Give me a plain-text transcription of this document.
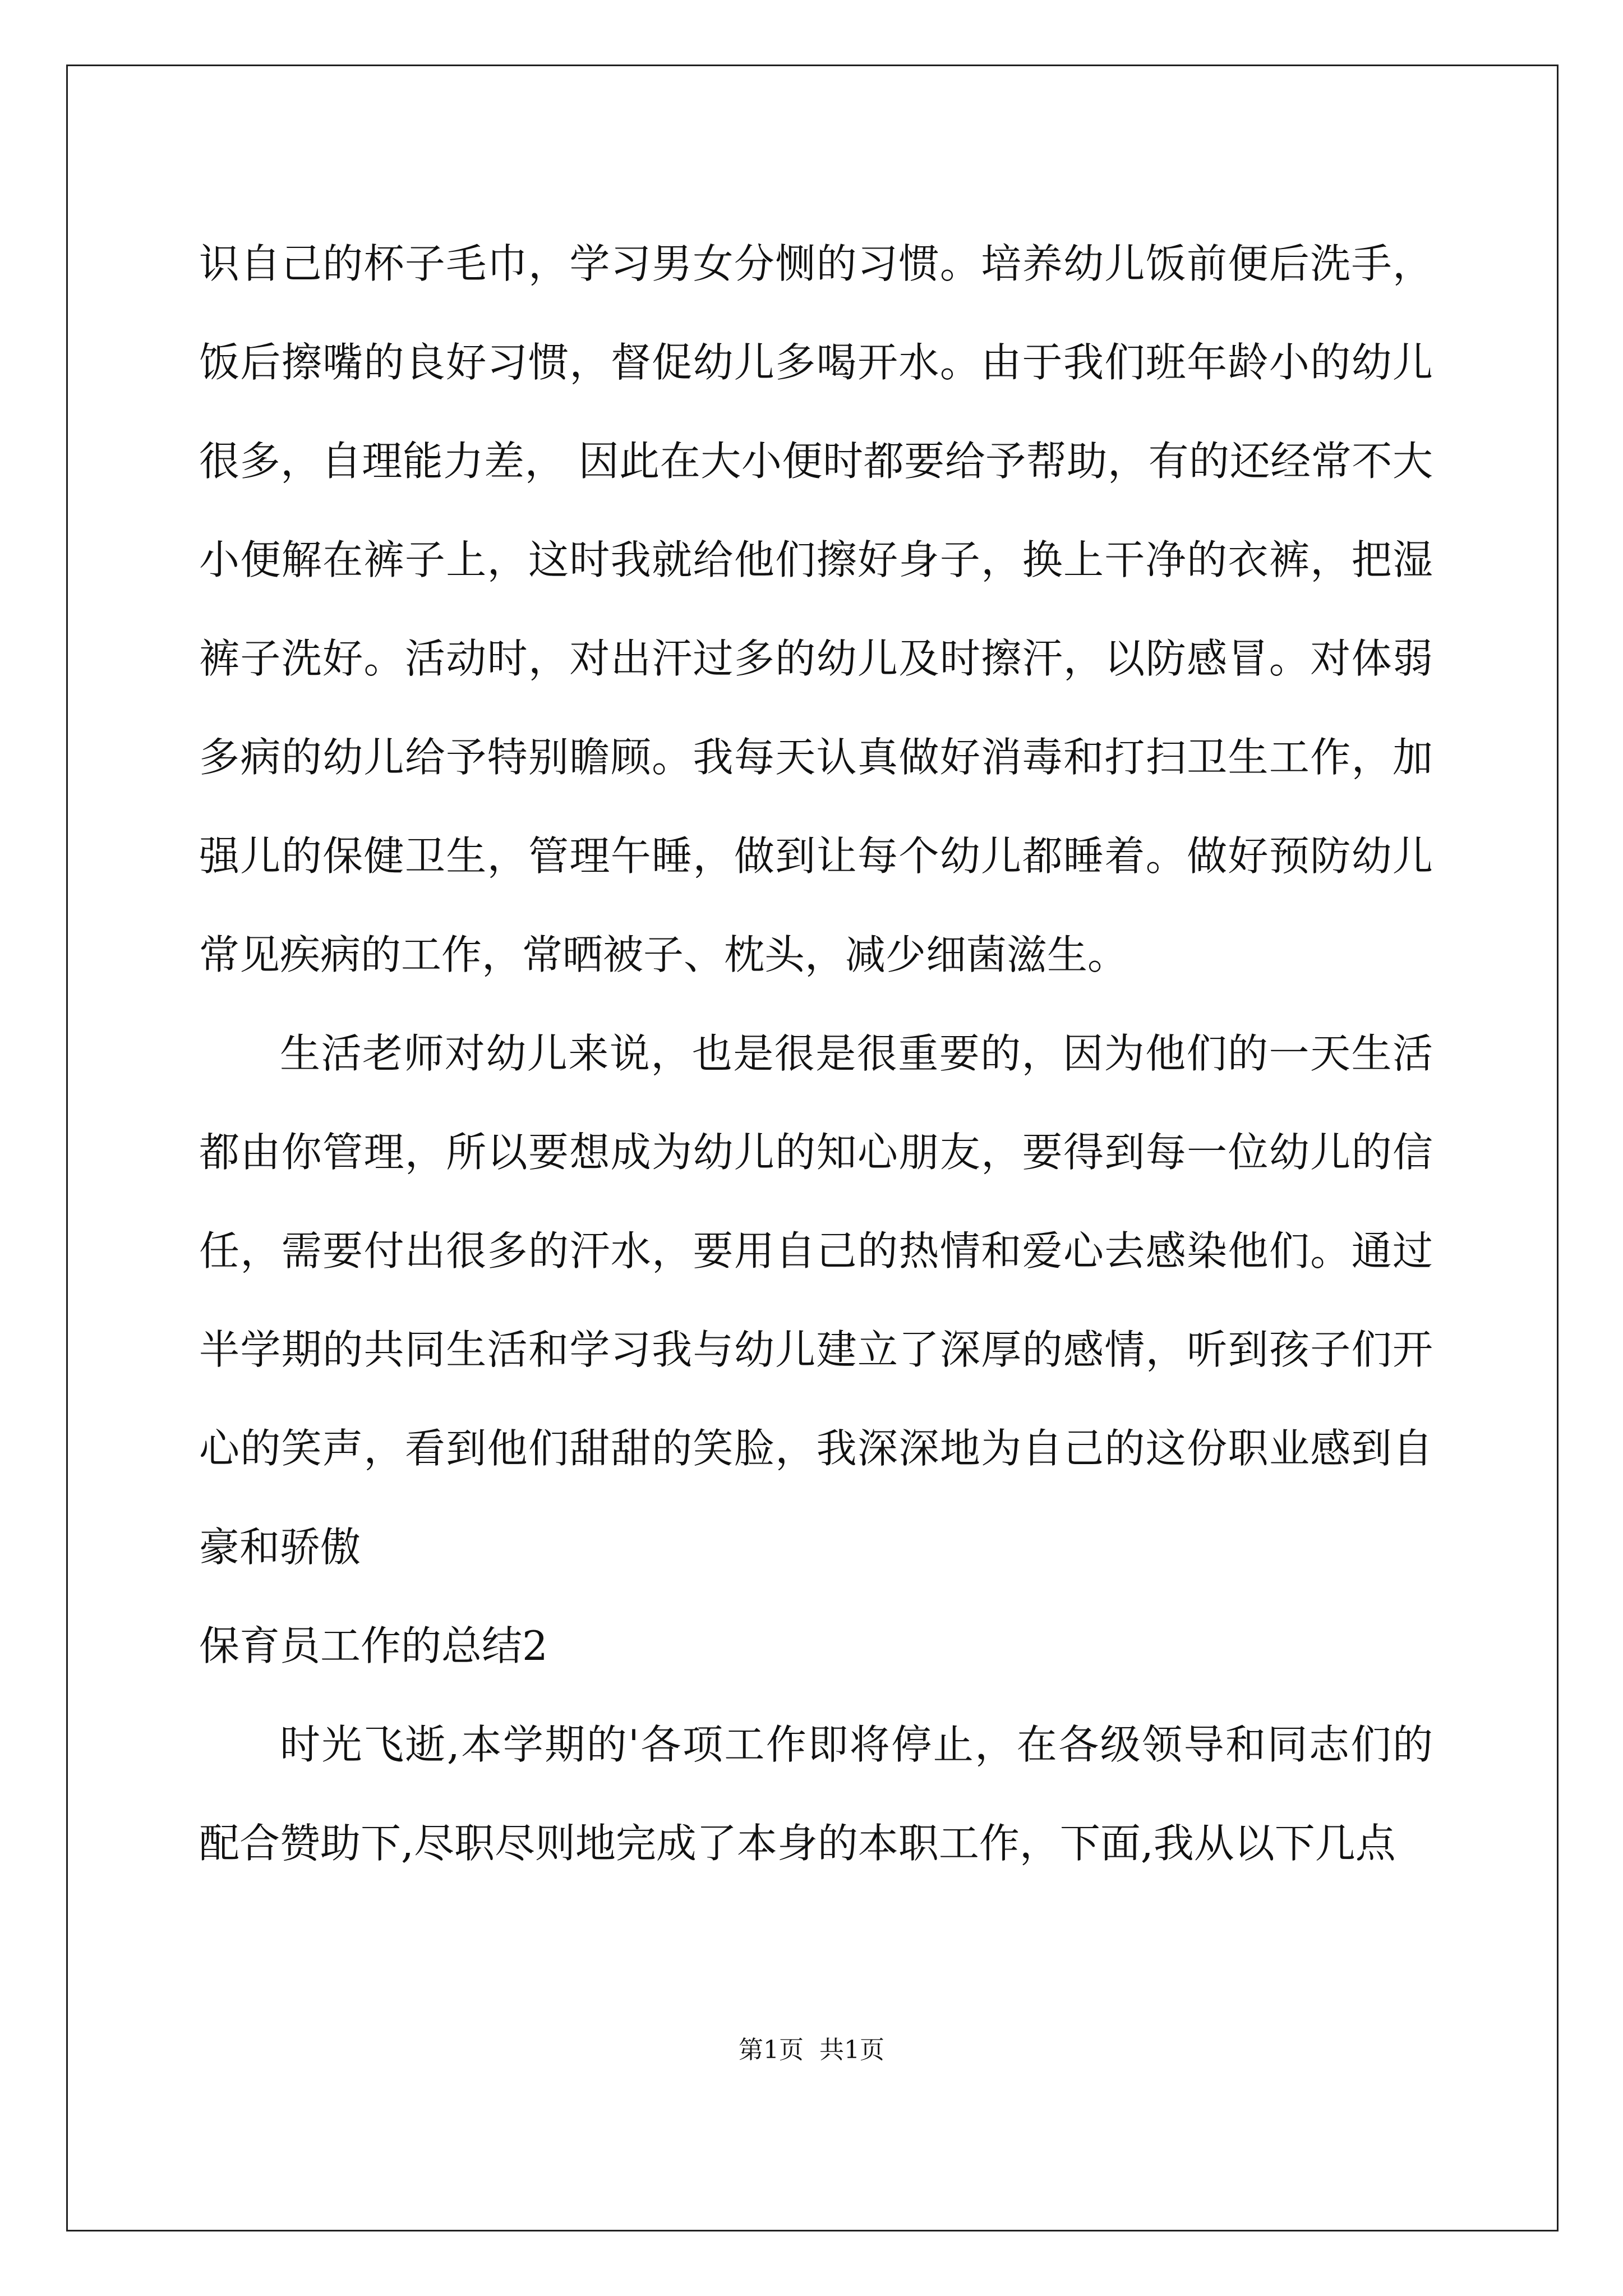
识自己的杯子毛巾，学习男女分恻的习惯。培养幼儿饭前便后洗手，饭后擦嘴的良好习惯，督促幼儿多喝开水。由于我们班年龄小的幼儿很多，自理能力差， 因此在大小便时都要给予帮助，有的还经常不大小便解在裤子上，这时我就给他们擦好身子，换上干净的衣裤，把湿裤子洗好。活动时，对出汗过多的幼儿及时擦汗，以防感冒。对体弱多病的幼儿给予特别瞻顾。我每天认真做好消毒和打扫卫生工作，加强儿的保健卫生，管理午睡，做到让每个幼儿都睡着。做好预防幼儿常见疾病的工作，常晒被子、枕头，减少细菌滋生。

生活老师对幼儿来说，也是很是很重要的，因为他们的一天生活都由你管理，所以要想成为幼儿的知心朋友，要得到每一位幼儿的信任，需要付出很多的汗水，要用自己的热情和爱心去感染他们。通过半学期的共同生活和学习我与幼儿建立了深厚的感情，听到孩子们开心的笑声，看到他们甜甜的笑脸，我深深地为自己的这份职业感到自豪和骄傲

保育员工作的总结2

时光飞逝,本学期的'各项工作即将停止，在各级领导和同志们的配合赞助下,尽职尽则地完成了本身的本职工作，下面,我从以下几点

第1页  共1页
